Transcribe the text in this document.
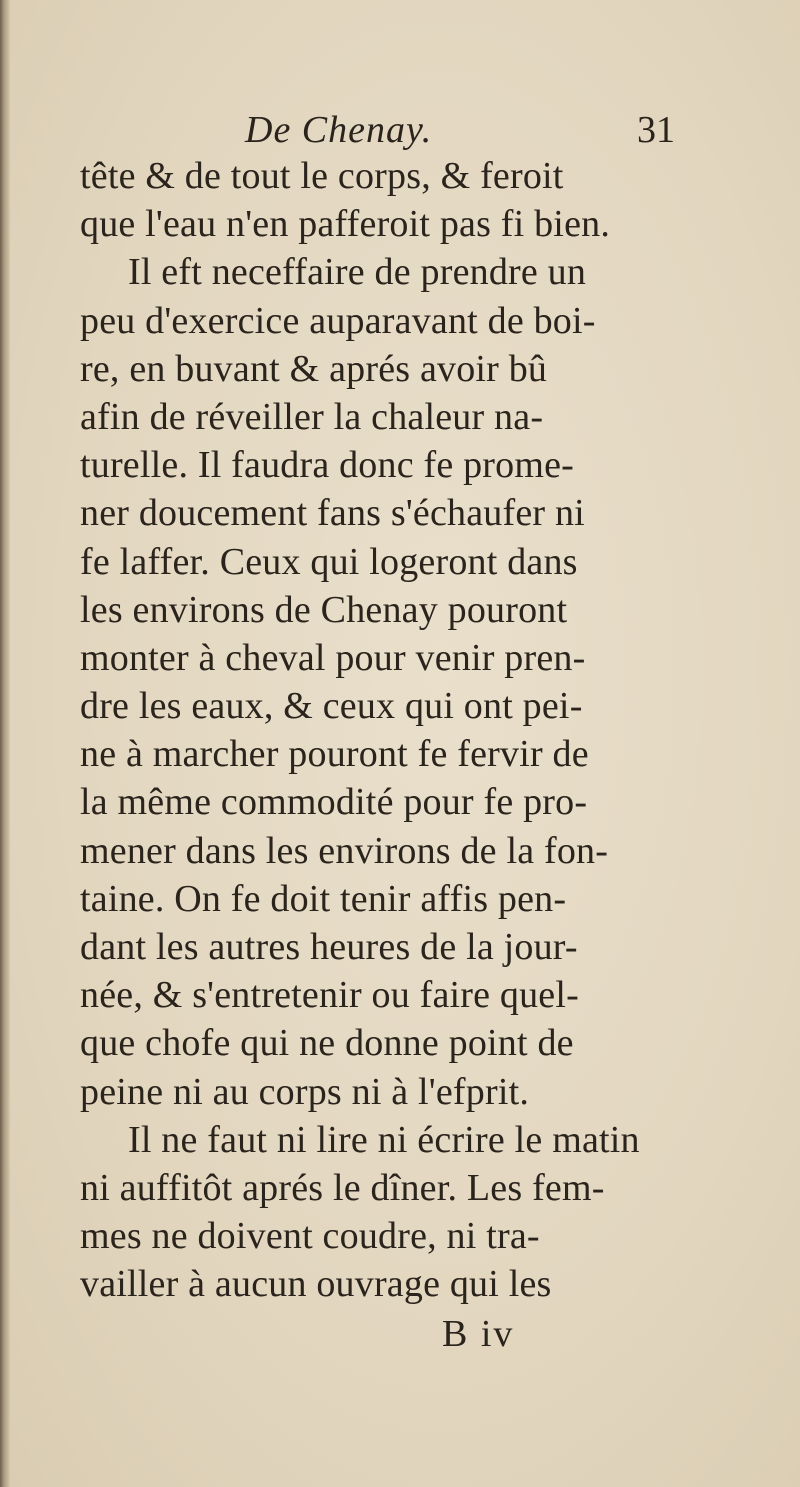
De Chenay.	31
tête & de tout le corps, & feroit
que l'eau n'en pafferoit pas fi bien.
Il eft neceffaire de prendre un
peu d'exercice auparavant de boi-
re, en buvant & aprés avoir bû
afin de réveiller la chaleur na-
turelle. Il faudra donc fe prome-
ner doucement fans s'échaufer ni
fe laffer. Ceux qui logeront dans
les environs de Chenay pouront
monter à cheval pour venir pren-
dre les eaux, & ceux qui ont pei-
ne à marcher pouront fe fervir de
la même commodité pour fe pro-
mener dans les environs de la fon-
taine. On fe doit tenir affis pen-
dant les autres heures de la jour-
née, & s'entretenir ou faire quel-
que chofe qui ne donne point de
peine ni au corps ni à l'efprit.
Il ne faut ni lire ni écrire le matin
ni auffitôt aprés le dîner. Les fem-
mes ne doivent coudre, ni tra-
vailler à aucun ouvrage qui les
B iv
